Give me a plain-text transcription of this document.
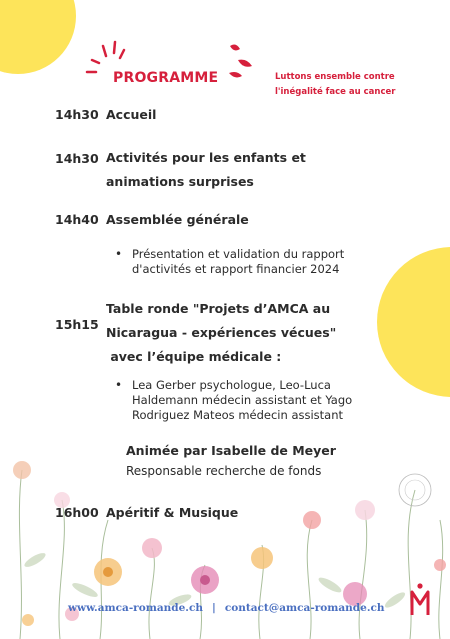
PROGRAMME	Luttons ensemble contre
l'inégalité face au cancer
14h30 Accueil
14h30 Activités pour les enfants et
animations surprises
14h40 Assemblée générale
• Présentation et validation du rapport
d'activités et rapport financier 2024
15h15
Table ronde "Projets d’AMCA au
Nicaragua - expériences vécues"
avec l’équipe médicale :
• Lea Gerber psychologue, Leo-Luca
Haldemann médecin assistant et Yago
Rodriguez Mateos médecin assistant
Animée par Isabelle de Meyer
Responsable recherche de fonds
16h00 Apéritif & Musique
www.amca-romande.ch | contact@amca-romande.ch
